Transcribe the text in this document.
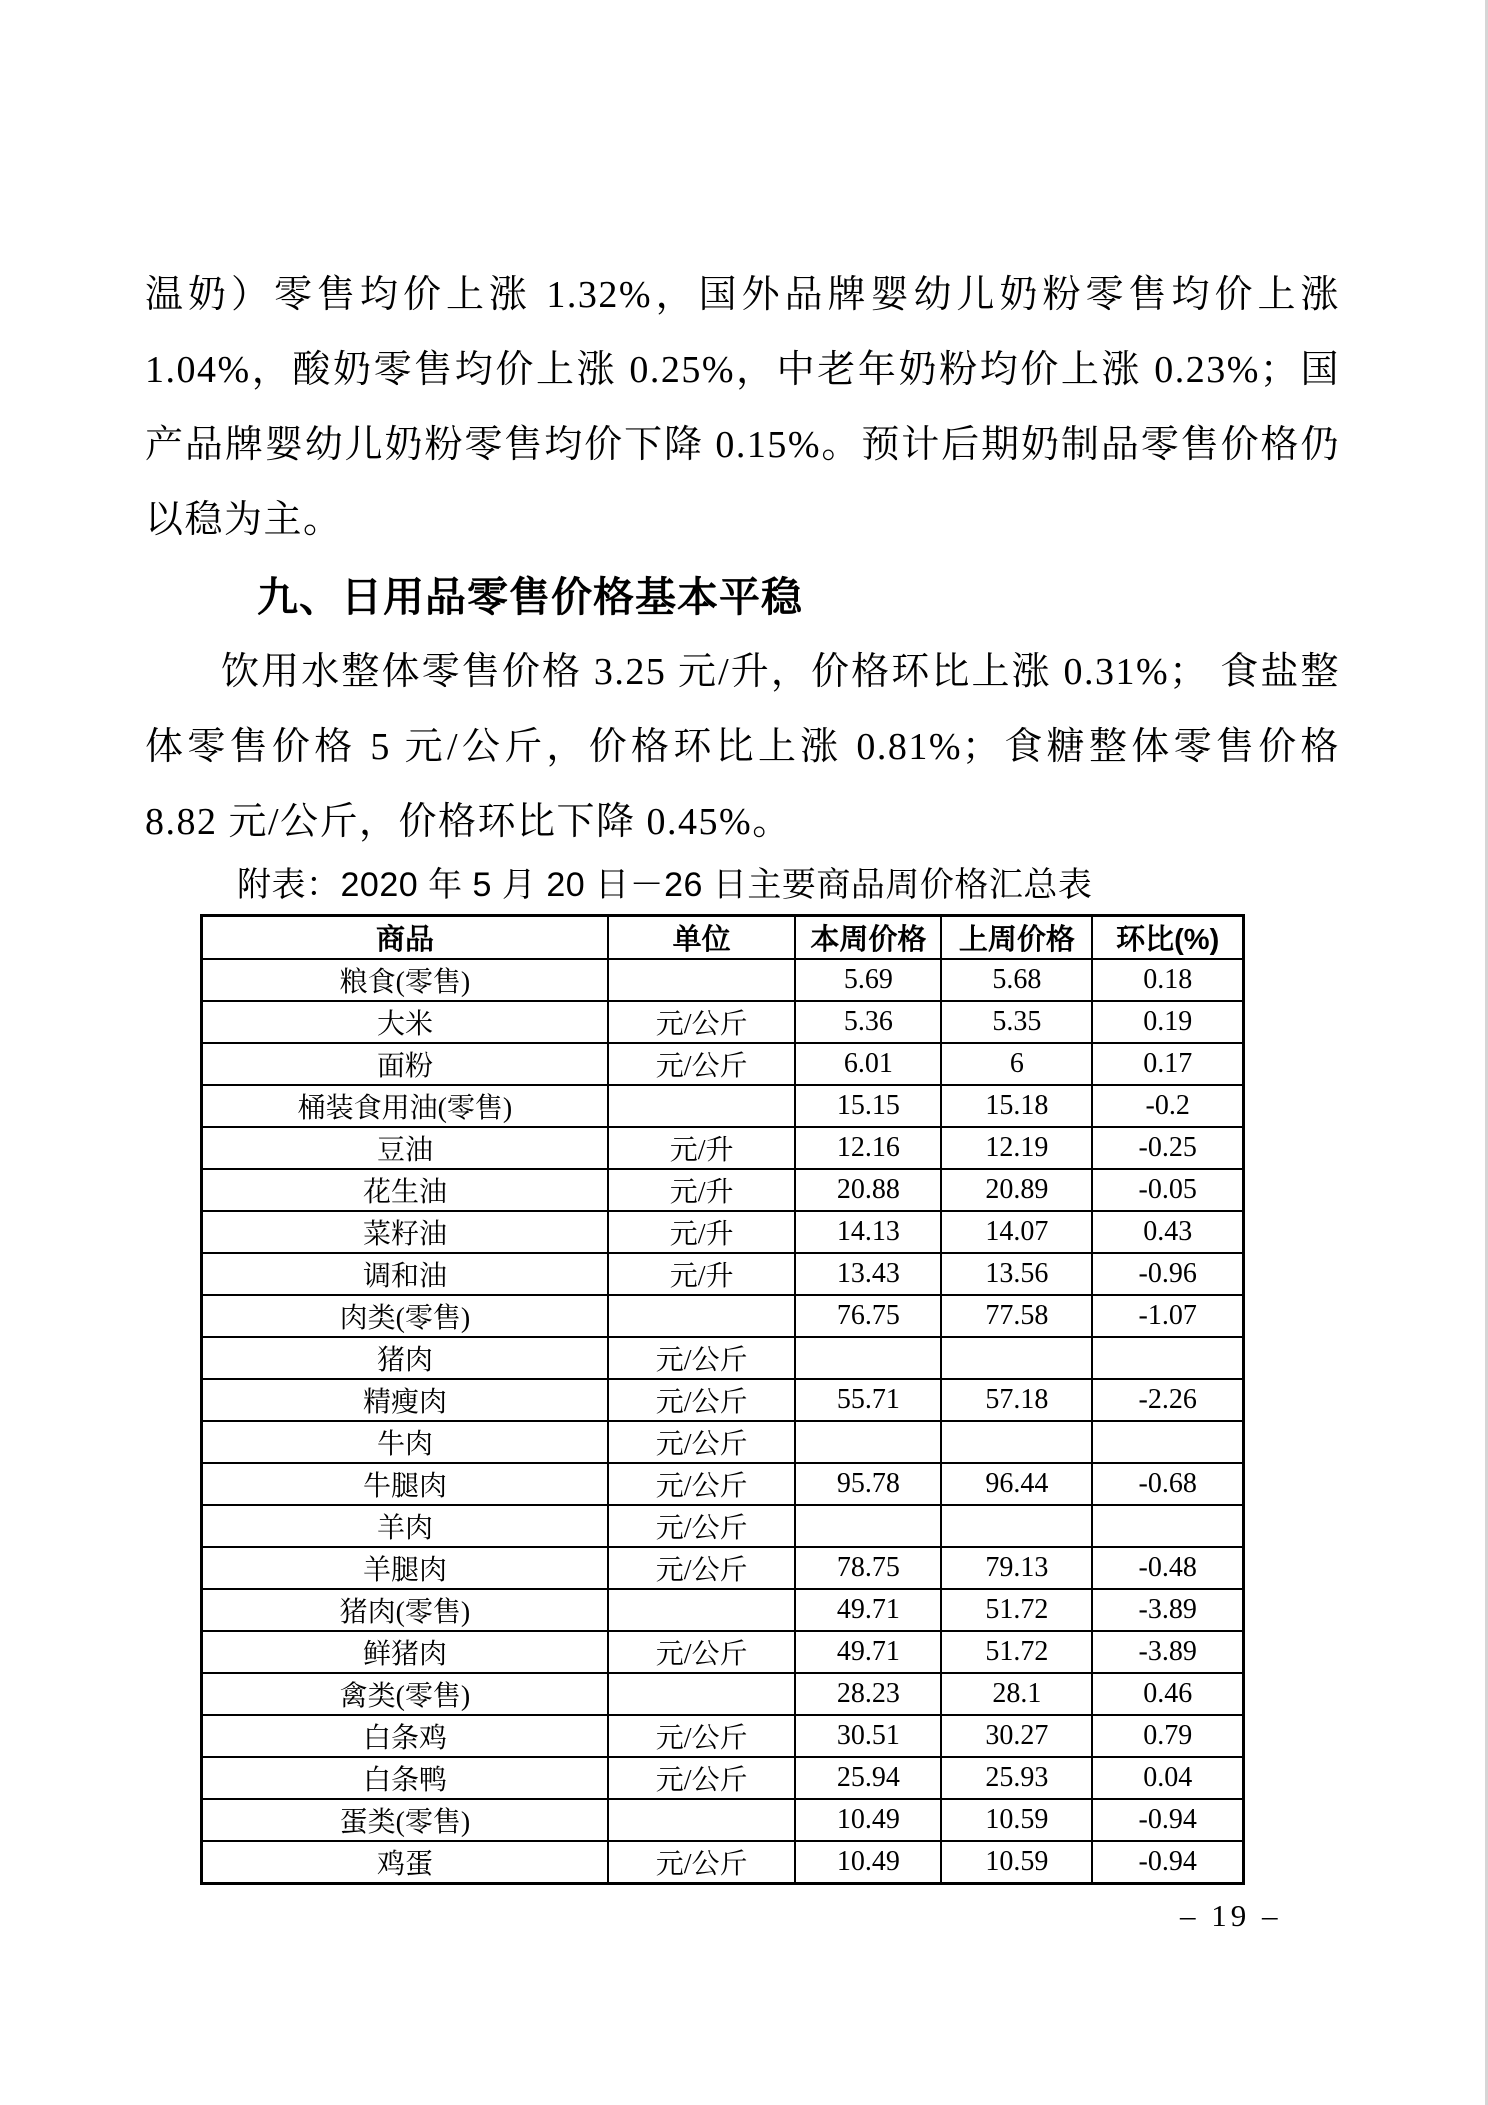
温奶）零售均价上涨 1.32%，国外品牌婴幼儿奶粉零售均价上涨 1.04%，酸奶零售均价上涨 0.25%，中老年奶粉均价上涨 0.23%；国产品牌婴幼儿奶粉零售均价下降 0.15%。预计后期奶制品零售价格仍以稳为主。

九、日用品零售价格基本平稳

饮用水整体零售价格 3.25 元/升，价格环比上涨 0.31%； 食盐整体零售价格 5 元/公斤，价格环比上涨 0.81%；食糖整体零售价格 8.82 元/公斤，价格环比下降 0.45%。

附表：2020 年 5 月 20 日－26 日主要商品周价格汇总表
商品	单位	本周价格	上周价格	环比(%)
粮食(零售)		5.69	5.68	0.18
大米	元/公斤	5.36	5.35	0.19
面粉	元/公斤	6.01	6	0.17
桶装食用油(零售)		15.15	15.18	-0.2
豆油	元/升	12.16	12.19	-0.25
花生油	元/升	20.88	20.89	-0.05
菜籽油	元/升	14.13	14.07	0.43
调和油	元/升	13.43	13.56	-0.96
肉类(零售)		76.75	77.58	-1.07
猪肉	元/公斤			
精瘦肉	元/公斤	55.71	57.18	-2.26
牛肉	元/公斤			
牛腿肉	元/公斤	95.78	96.44	-0.68
羊肉	元/公斤			
羊腿肉	元/公斤	78.75	79.13	-0.48
猪肉(零售)		49.71	51.72	-3.89
鲜猪肉	元/公斤	49.71	51.72	-3.89
禽类(零售)		28.23	28.1	0.46
白条鸡	元/公斤	30.51	30.27	0.79
白条鸭	元/公斤	25.94	25.93	0.04
蛋类(零售)		10.49	10.59	-0.94
鸡蛋	元/公斤	10.49	10.59	-0.94
– 19 –
